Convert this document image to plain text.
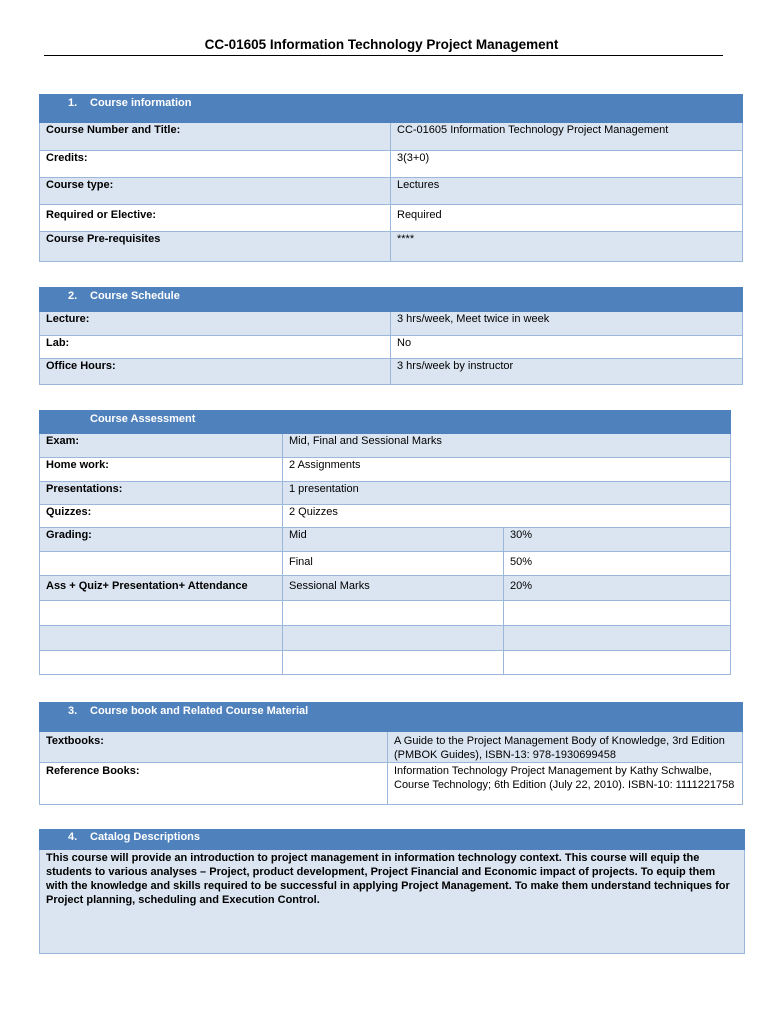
CC-01605 Information Technology Project Management
1. Course information	
Course Number and Title:	CC-01605 Information Technology Project Management
Credits:	3(3+0)
Course type:	Lectures
Required or Elective:	Required
Course Pre-requisites	****
2. Course Schedule	
Lecture:	3 hrs/week, Meet twice in week
Lab:	No
Office Hours:	3 hrs/week by instructor
Course Assessment		
Exam:	Mid, Final and Sessional Marks	
Home work:	2 Assignments	
Presentations:	1 presentation	
Quizzes:	2 Quizzes	
Grading:	Mid	30%
	Final	50%
Ass + Quiz+ Presentation+ Attendance	Sessional Marks	20%

3. Course book and Related Course Material	
Textbooks:	A Guide to the Project Management Body of Knowledge, 3rd Edition (PMBOK Guides), ISBN-13: 978-1930699458
Reference Books:	Information Technology Project Management by Kathy Schwalbe, Course Technology; 6th Edition (July 22, 2010). ISBN-10: 1111221758
4. Catalog Descriptions
This course will provide an introduction to project management in information technology context. This course will equip the students to various analyses – Project, product development, Project Financial and Economic impact of projects. To equip them with the knowledge and skills required to be successful in applying Project Management. To make them understand techniques for Project planning, scheduling and Execution Control.
